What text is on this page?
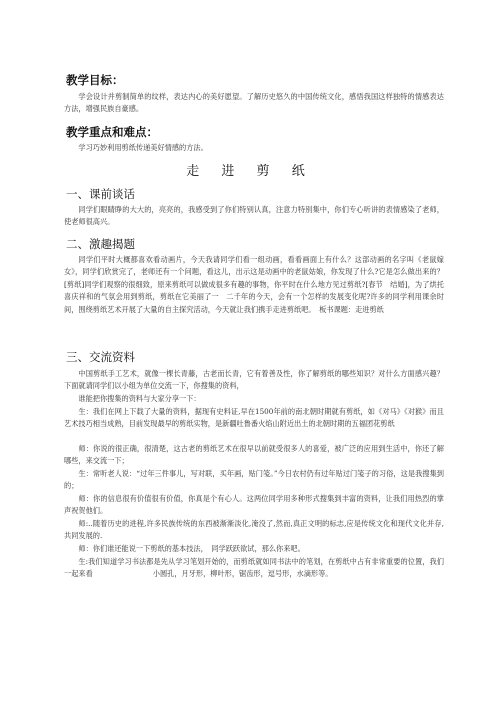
教学目标：
学会设计并剪制简单的纹样，表达内心的美好愿望。了解历史悠久的中国传统文化，感悟我国这样独特的情感表达方法，增强民族自豪感。
教学重点和难点：
学习巧妙利用剪纸传递美好情感的方法。
走 进 剪 纸
一、课前谈话
同学们眼睛睁的大大的，亮亮的，我感受到了你们特别认真，注意力特别集中，你们专心听讲的表情感染了老师，使老师很高兴。
二、激趣揭题
同学们平时大概都喜欢看动画片，今天我请同学们看一组动画，看看画面上有什么？这部动画的名字叫《老鼠嫁女》，同学们欣赏完了，老师还有一个问题，看这儿，出示这是动画中的老鼠姑娘，你发现了什么?它是怎么做出来的？[剪纸]同学们观察的很细致，原来剪纸可以做成很多有趣的事物，你平时在什么地方见过剪纸?[春节　结婚]，为了烘托喜庆祥和的气氛会用到剪纸，剪纸在它美丽了一　二千年的今天，会有一个怎样的发展变化呢?许多的同学利用课余时间，围绕剪纸艺术开展了大量的自主探究活动，今天就让我们携手走进剪纸吧。　板书课题：走进剪纸
三、交流资料
中国剪纸手工艺术，就像一棵长青藤，古老而长青，它有着善及性，你了解剪纸的哪些知识？对什么方面感兴趣？下面就请同学们以小组为单位交流一下，你搜集的资料，
谁能把你搜集的资料与大家分享一下：
生：我们在网上下载了大量的资料，据现有史料证,早在1500年前的南北朝时期就有剪纸，如《对马》《对猴》而且艺术技巧相当成熟，目前发现最早的剪纸实物，是新疆吐鲁番火焰山附近出土的北朝时期的五福团花剪纸
师：你说的很正确，很清楚，这古老的剪纸艺术在很早以前就受很多人的喜爱，被广泛的应用到生活中，你还了解哪些，来交流一下；
生：常听老人说：“过年三件事儿，写对联，买年画，贴门笺。”今日农村仍有过年贴过门笺子的习俗，这是我搜集到的；
师：你的信息很有价值很有价值，你真是个有心人。这两位同学用多种形式搜集到丰富的资料，让我们用热烈的掌声祝贺他们。
师:..随着历史的进程,许多民族传统的东西被渐渐淡化,淹没了,然而,真正文明的标志,应是传统文化和现代文化并存,共同发展的.
师：你们谁还能说一下剪纸的基本技法，　同学跃跃欲试，那么你来吧。
生:我们知道学习书法都是先从学习笔划开始的，而剪纸就如同书法中的笔划，在剪纸中占有非常重要的位置，我们一起来看	小圆孔，月牙形，柳叶形，锯齿形，逗号形，水滴形等。
